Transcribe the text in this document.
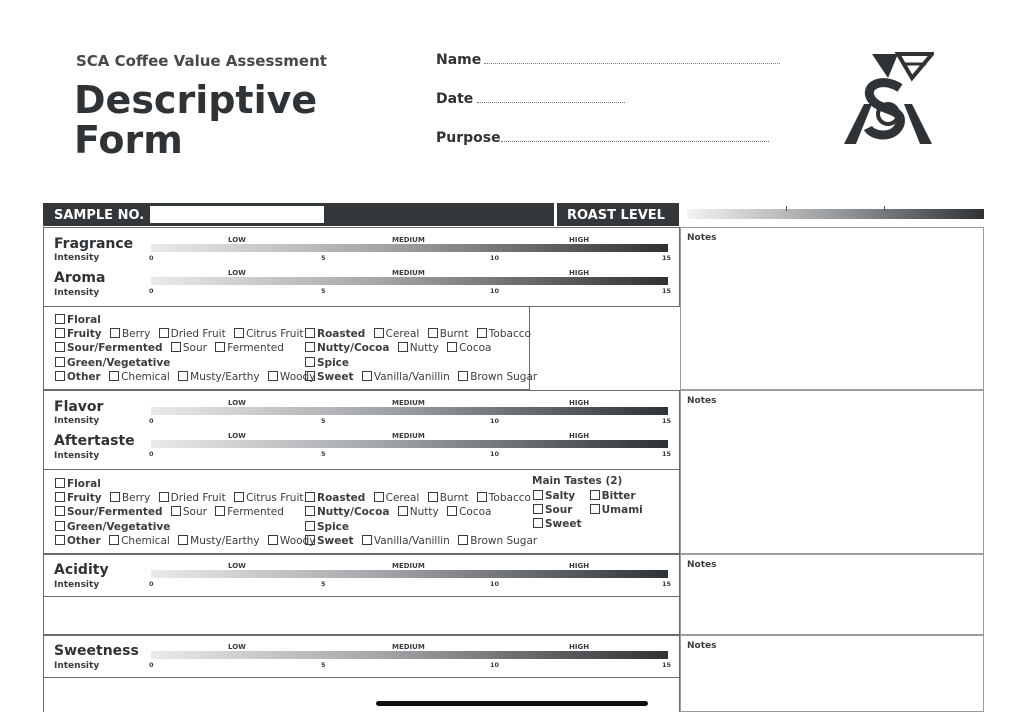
SCA Coffee Value Assessment
Descriptive
Form
Name
Date
Purpose
SAMPLE NO.	ROAST LEVEL
Notes
Notes
Notes
Notes
Fragrance
Intensity
LOW	MEDIUM	HIGH
0	5	10	15
Aroma
Intensity
LOW	MEDIUM	HIGH
0	5	10	15
Floral
Fruity Berry Dried Fruit Citrus Fruit
Sour/Fermented Sour Fermented
Green/Vegetative
Other Chemical Musty/Earthy Woody
Roasted Cereal Burnt Tobacco
Nutty/Cocoa Nutty Cocoa
Spice
Sweet Vanilla/Vanillin Brown Sugar
Flavor
Intensity
LOW	MEDIUM	HIGH
0	5	10	15
Aftertaste
Intensity
LOW	MEDIUM	HIGH
0	5	10	15
Floral
Fruity Berry Dried Fruit Citrus Fruit
Sour/Fermented Sour Fermented
Green/Vegetative
Other Chemical Musty/Earthy Woody
Roasted Cereal Burnt Tobacco
Nutty/Cocoa Nutty Cocoa
Spice
Sweet Vanilla/Vanillin Brown Sugar
Main Tastes (2)
Salty	Bitter
Sour	Umami
Sweet
Acidity
Intensity
LOW	MEDIUM	HIGH
0	5	10	15
Sweetness
Intensity
LOW	MEDIUM	HIGH
0	5	10	15
